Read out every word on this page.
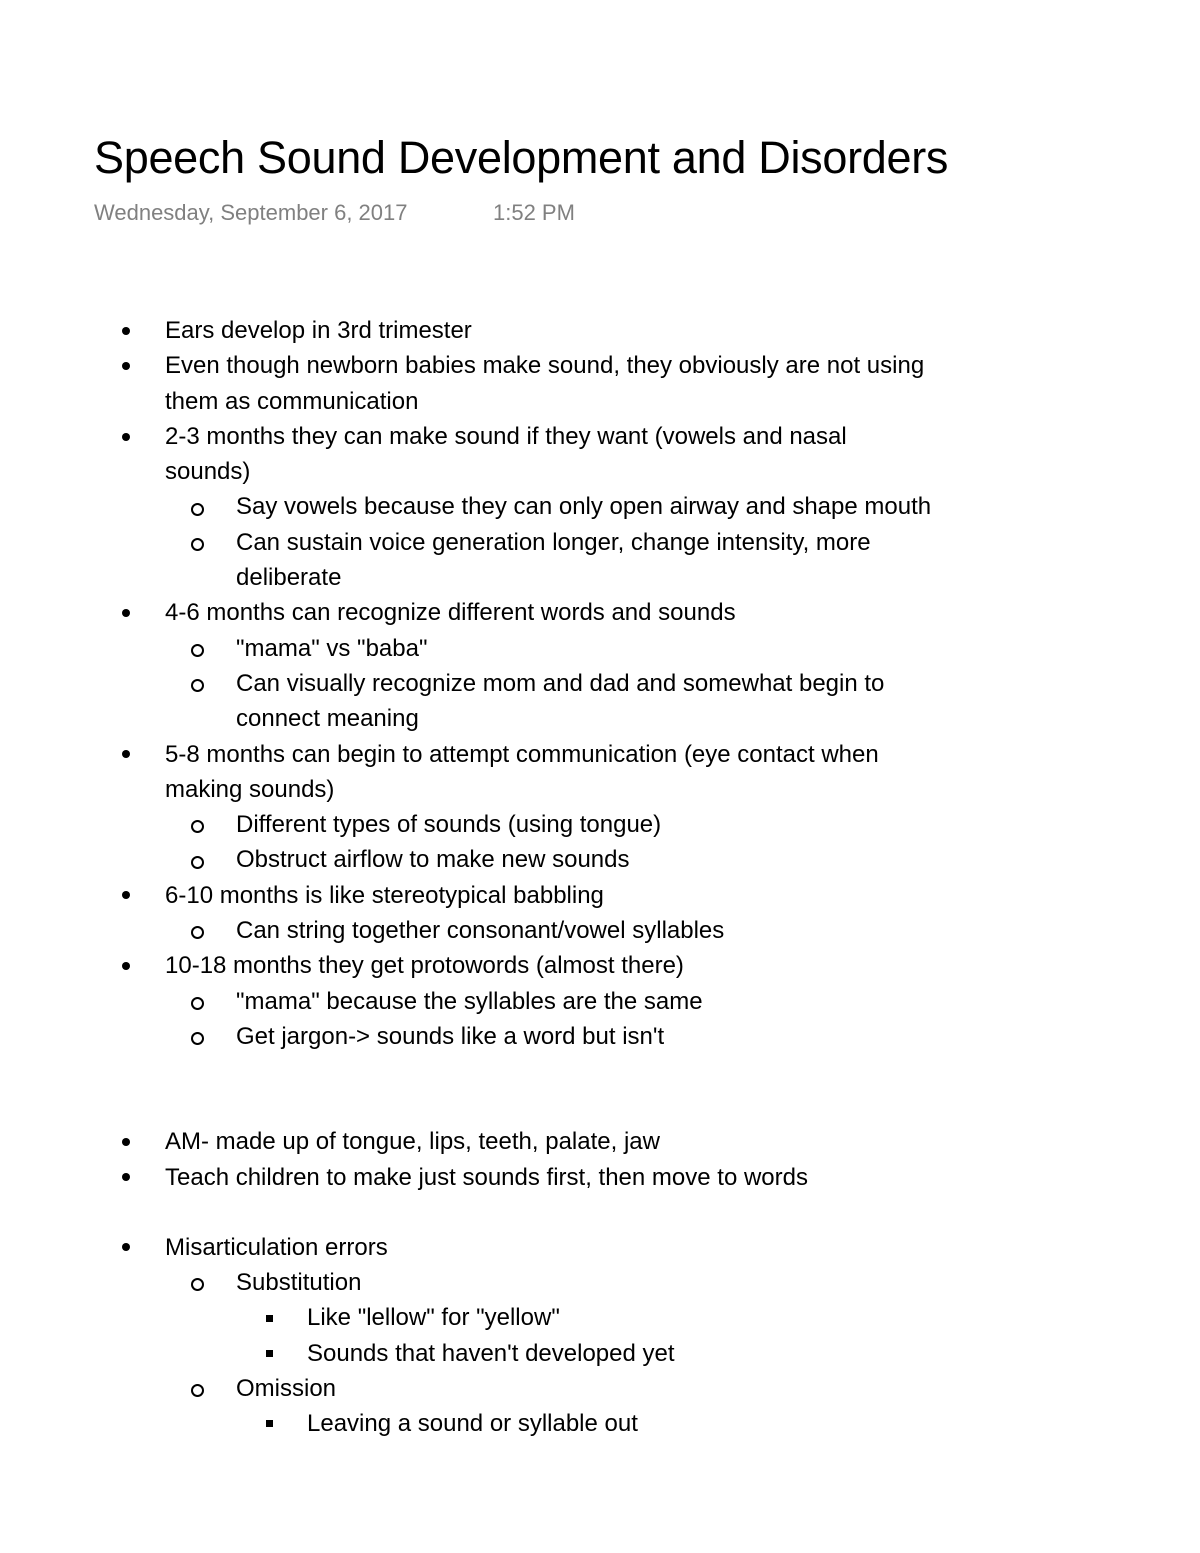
Speech Sound Development and Disorders
Wednesday, September 6, 2017	1:52 PM
Ears develop in 3rd trimester
Even though newborn babies make sound, they obviously are not using
them as communication
2-3 months they can make sound if they want (vowels and nasal
sounds)
Say vowels because they can only open airway and shape mouth
Can sustain voice generation longer, change intensity, more
deliberate
4-6 months can recognize different words and sounds
"mama" vs "baba"
Can visually recognize mom and dad and somewhat begin to
connect meaning
5-8 months can begin to attempt communication (eye contact when
making sounds)
Different types of sounds (using tongue)
Obstruct airflow to make new sounds
6-10 months is like stereotypical babbling
Can string together consonant/vowel syllables
10-18 months they get protowords (almost there)
"mama" because the syllables are the same
Get jargon-> sounds like a word but isn't
AM- made up of tongue, lips, teeth, palate, jaw
Teach children to make just sounds first, then move to words
Misarticulation errors
Substitution
Like "lellow" for "yellow"
Sounds that haven't developed yet
Omission
Leaving a sound or syllable out
